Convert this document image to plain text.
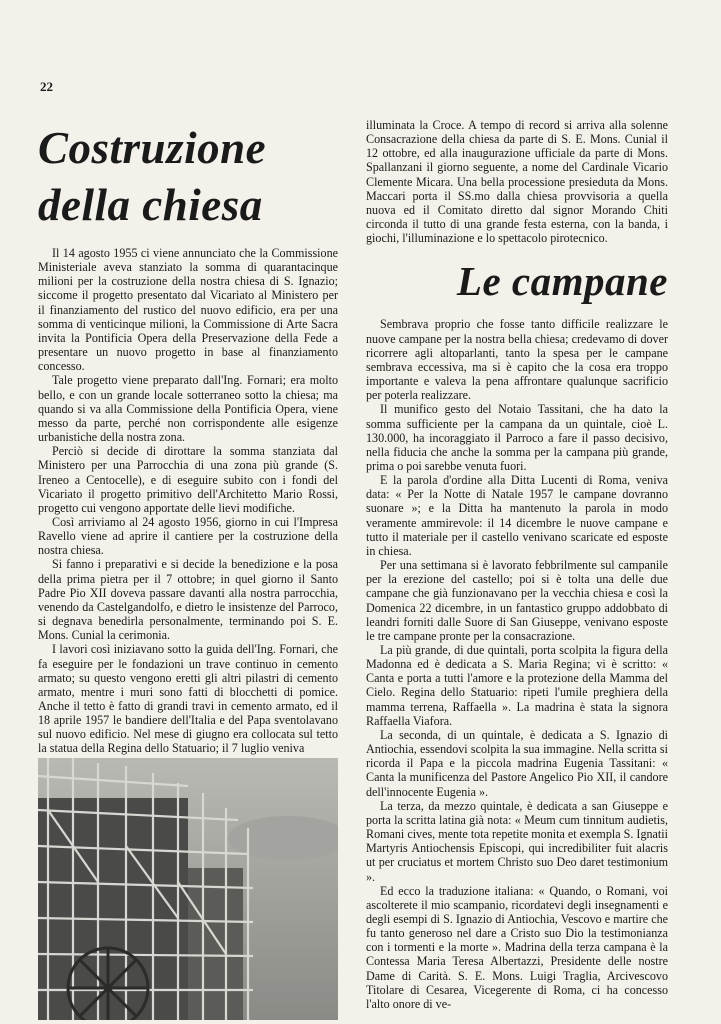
22
Costruzione
della chiesa

Il 14 agosto 1955 ci viene annunciato che la Commissione Ministeriale aveva stanziato la somma di quarantacinque milioni per la costruzione della nostra chiesa di S. Ignazio; siccome il progetto presentato dal Vicariato al Ministero per il finanziamento del rustico del nuovo edificio, era per una somma di venticinque milioni, la Commissione di Arte Sacra invita la Pontificia Opera della Preservazione della Fede a presentare un nuovo progetto in base al finanziamento concesso.

Tale progetto viene preparato dall'Ing. Fornari; era molto bello, e con un grande locale sotterraneo sotto la chiesa; ma quando si va alla Commissione della Pontificia Opera, viene messo da parte, perché non corrispondente alle esigenze urbanistiche della nostra zona.

Perciò si decide di dirottare la somma stanziata dal Ministero per una Parrocchia di una zona più grande (S. Ireneo a Centocelle), e di eseguire subito con i fondi del Vicariato il progetto primitivo dell'Architetto Mario Rossi, progetto cui vengono apportate delle lievi modifiche.

Così arriviamo al 24 agosto 1956, giorno in cui l'Impresa Ravello viene ad aprire il cantiere per la costruzione della nostra chiesa.

Si fanno i preparativi e si decide la benedizione e la posa della prima pietra per il 7 ottobre; in quel giorno il Santo Padre Pio XII doveva passare davanti alla nostra parrocchia, venendo da Castelgandolfo, e dietro le insistenze del Parroco, si degnava benedirla personalmente, terminando poi S. E. Mons. Cunial la cerimonia.

I lavori così iniziavano sotto la guida dell'Ing. Fornari, che fa eseguire per le fondazioni un trave continuo in cemento armato; su questo vengono eretti gli altri pilastri di cemento armato, mentre i muri sono fatti di blocchetti di pomice. Anche il tetto è fatto di grandi travi in cemento armato, ed il 18 aprile 1957 le bandiere dell'Italia e del Papa sventolavano sul nuovo edificio. Nel mese di giugno era collocata sul tetto la statua della Regina dello Statuario; il 7 luglio veniva

illuminata la Croce. A tempo di record si arriva alla solenne Consacrazione della chiesa da parte di S. E. Mons. Cunial il 12 ottobre, ed alla inaugurazione ufficiale da parte di Mons. Spallanzani il giorno seguente, a nome del Cardinale Vicario Clemente Micara. Una bella processione presieduta da Mons. Maccari porta il SS.mo dalla chiesa provvisoria a quella nuova ed il Comitato diretto dal signor Morando Chiti circonda il tutto di una grande festa esterna, con la banda, i giochi, l'illuminazione e lo spettacolo pirotecnico.

Le campane

Sembrava proprio che fosse tanto difficile realizzare le nuove campane per la nostra bella chiesa; credevamo di dover ricorrere agli altoparlanti, tanto la spesa per le campane sembrava eccessiva, ma si è capito che la cosa era troppo importante e valeva la pena affrontare qualunque sacrificio per poterla realizzare.

Il munifico gesto del Notaio Tassitani, che ha dato la somma sufficiente per la campana da un quintale, cioè L. 130.000, ha incoraggiato il Parroco a fare il passo decisivo, nella fiducia che anche la somma per la campana più grande, prima o poi sarebbe venuta fuori.

E la parola d'ordine alla Ditta Lucenti di Roma, veniva data: « Per la Notte di Natale 1957 le campane dovranno suonare »; e la Ditta ha mantenuto la parola in modo veramente ammirevole: il 14 dicembre le nuove campane e tutto il materiale per il castello venivano scaricate ed esposte in chiesa.

Per una settimana si è lavorato febbrilmente sul campanile per la erezione del castello; poi si è tolta una delle due campane che già funzionavano per la vecchia chiesa e così la Domenica 22 dicembre, in un fantastico gruppo addobbato di leandri forniti dalle Suore di San Giuseppe, venivano esposte le tre campane pronte per la consacrazione.

La più grande, di due quintali, porta scolpita la figura della Madonna ed è dedicata a S. Maria Regina; vi è scritto: « Canta e porta a tutti l'amore e la protezione della Mamma del Cielo. Regina dello Statuario: ripeti l'umile preghiera della mamma terrena, Raffaella ». La madrina è stata la signora Raffaella Viafora.

La seconda, di un quintale, è dedicata a S. Ignazio di Antiochia, essendovi scolpita la sua immagine. Nella scritta si ricorda il Papa e la piccola madrina Eugenia Tassitani: « Canta la munificenza del Pastore Angelico Pio XII, il candore dell'innocente Eugenia ».

La terza, da mezzo quintale, è dedicata a san Giuseppe e porta la scritta latina già nota: « Meum cum tinnitum audietis, Romani cives, mente tota repetite monita et exempla S. Ignatii Martyris Antiochensis Episcopi, qui incredibiliter fuit alacris ut per cruciatus et mortem Christo suo Deo daret testimonium ».

Ed ecco la traduzione italiana: « Quando, o Romani, voi ascolterete il mio scampanio, ricordatevi degli insegnamenti e degli esempi di S. Ignazio di Antiochia, Vescovo e martire che fu tanto generoso nel dare a Cristo suo Dio la testimonianza con i tormenti e la morte ». Madrina della terza campana è la Contessa Maria Teresa Albertazzi, Presidente delle nostre Dame di Carità. S. E. Mons. Luigi Traglia, Arcivescovo Titolare di Cesarea, Vicegerente di Roma, ci ha concesso l'alto onore di ve-
